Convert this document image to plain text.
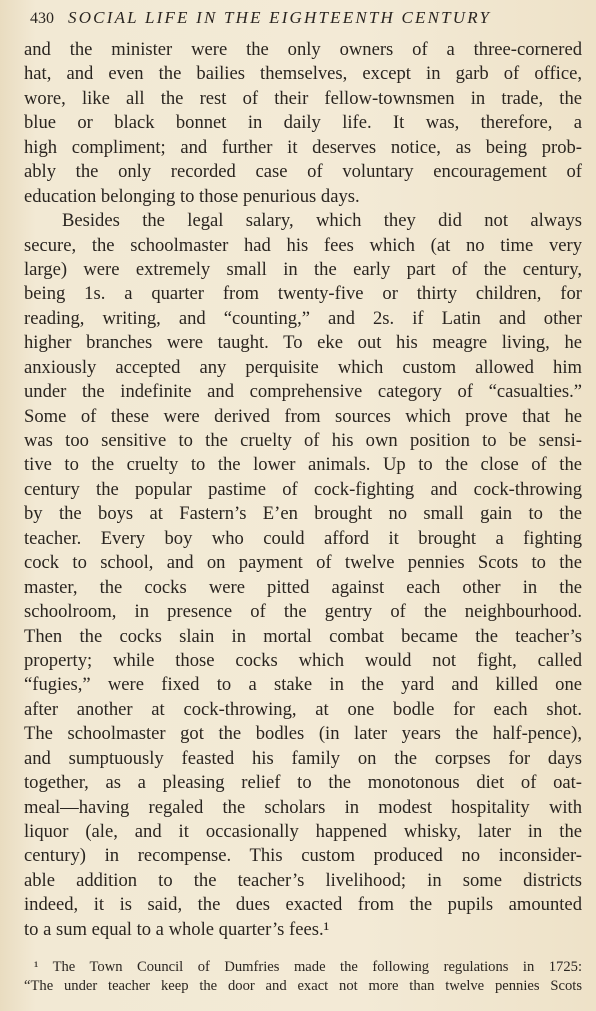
430 SOCIAL LIFE IN THE EIGHTEENTH CENTURY
and the minister were the only owners of a three-cornered
hat, and even the bailies themselves, except in garb of office,
wore, like all the rest of their fellow-townsmen in trade, the
blue or black bonnet in daily life. It was, therefore, a
high compliment; and further it deserves notice, as being prob-
ably the only recorded case of voluntary encouragement of
education belonging to those penurious days.
Besides the legal salary, which they did not always
secure, the schoolmaster had his fees which (at no time very
large) were extremely small in the early part of the century,
being 1s. a quarter from twenty-five or thirty children, for
reading, writing, and “counting,” and 2s. if Latin and other
higher branches were taught. To eke out his meagre living, he
anxiously accepted any perquisite which custom allowed him
under the indefinite and comprehensive category of “casualties.”
Some of these were derived from sources which prove that he
was too sensitive to the cruelty of his own position to be sensi-
tive to the cruelty to the lower animals. Up to the close of the
century the popular pastime of cock-fighting and cock-throwing
by the boys at Fastern’s E’en brought no small gain to the
teacher. Every boy who could afford it brought a fighting
cock to school, and on payment of twelve pennies Scots to the
master, the cocks were pitted against each other in the
schoolroom, in presence of the gentry of the neighbourhood.
Then the cocks slain in mortal combat became the teacher’s
property; while those cocks which would not fight, called
“fugies,” were fixed to a stake in the yard and killed one
after another at cock-throwing, at one bodle for each shot.
The schoolmaster got the bodles (in later years the half-pence),
and sumptuously feasted his family on the corpses for days
together, as a pleasing relief to the monotonous diet of oat-
meal—having regaled the scholars in modest hospitality with
liquor (ale, and it occasionally happened whisky, later in the
century) in recompense. This custom produced no inconsider-
able addition to the teacher’s livelihood; in some districts
indeed, it is said, the dues exacted from the pupils amounted
to a sum equal to a whole quarter’s fees.¹
¹ The Town Council of Dumfries made the following regulations in 1725:
“The under teacher keep the door and exact not more than twelve pennies Scots
